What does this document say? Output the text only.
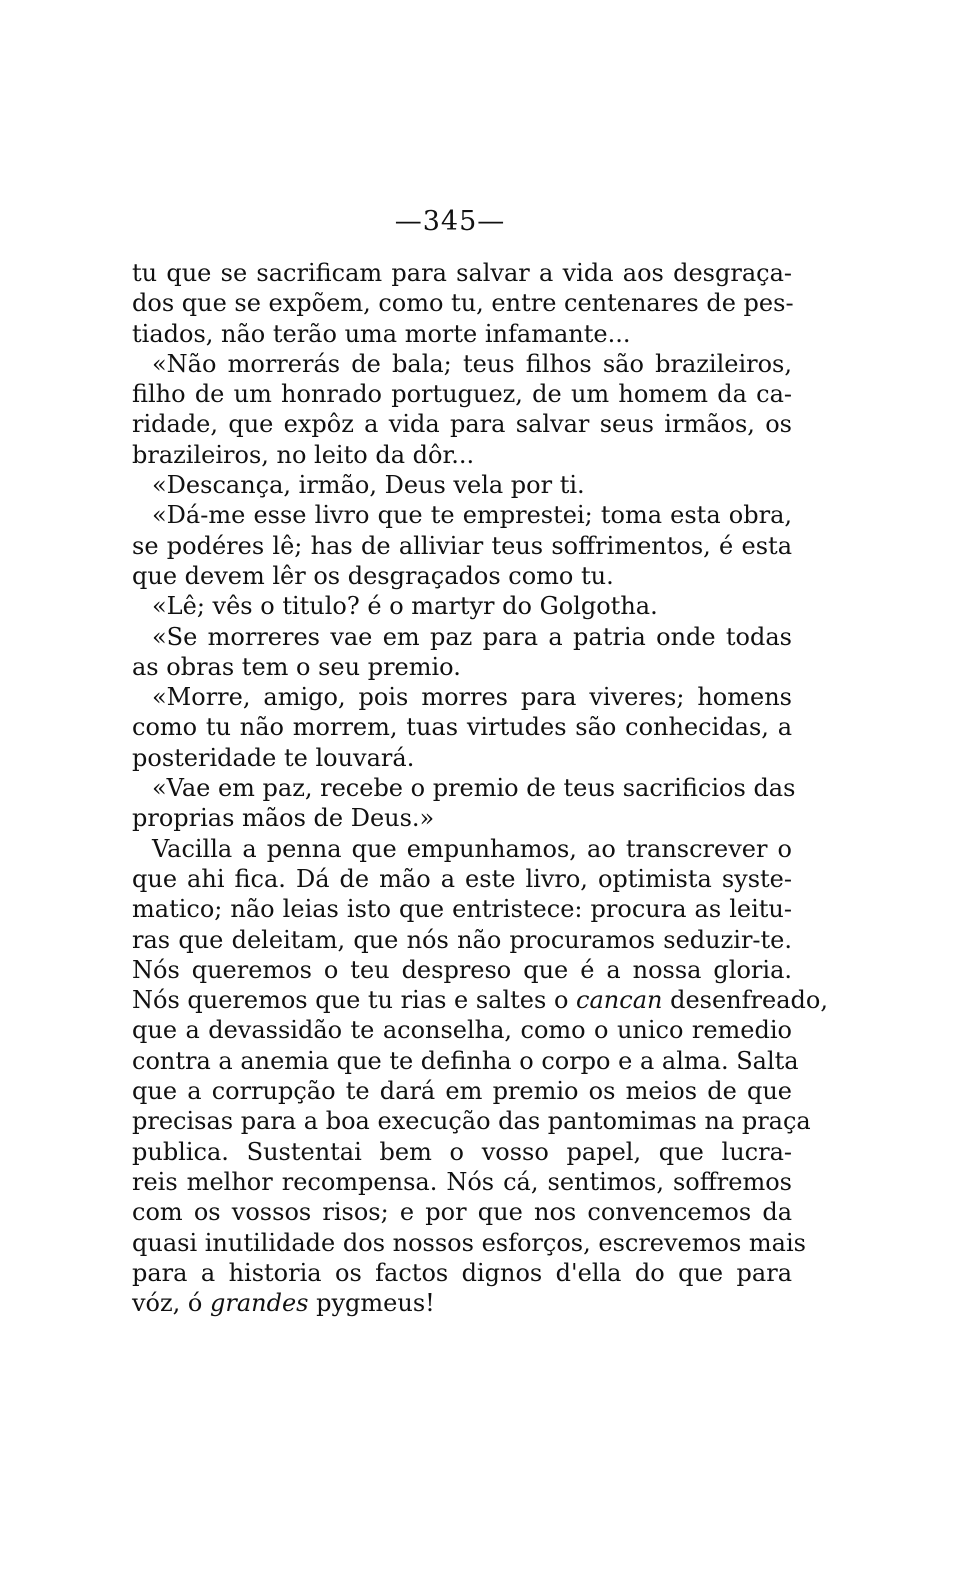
—345—
tu que se sacrificam para salvar a vida aos desgraça-
dos que se expõem, como tu, entre centenares de pes-
tiados, não terão uma morte infamante...
«Não morrerás de bala; teus filhos são brazileiros,
filho de um honrado portuguez, de um homem da ca-
ridade, que expôz a vida para salvar seus irmãos, os
brazileiros, no leito da dôr...
«Descança, irmão, Deus vela por ti.
«Dá-me esse livro que te emprestei; toma esta obra,
se podéres lê; has de alliviar teus soffrimentos, é esta
que devem lêr os desgraçados como tu.
«Lê; vês o titulo? é o martyr do Golgotha.
«Se morreres vae em paz para a patria onde todas
as obras tem o seu premio.
«Morre, amigo, pois morres para viveres; homens
como tu não morrem, tuas virtudes são conhecidas, a
posteridade te louvará.
«Vae em paz, recebe o premio de teus sacrificios das
proprias mãos de Deus.»
Vacilla a penna que empunhamos, ao transcrever o
que ahi fica. Dá de mão a este livro, optimista syste-
matico; não leias isto que entristece: procura as leitu-
ras que deleitam, que nós não procuramos seduzir-te.
Nós queremos o teu despreso que é a nossa gloria.
Nós queremos que tu rias e saltes o cancan desenfreado,
que a devassidão te aconselha, como o unico remedio
contra a anemia que te definha o corpo e a alma. Salta
que a corrupção te dará em premio os meios de que
precisas para a boa execução das pantomimas na praça
publica. Sustentai bem o vosso papel, que lucra-
reis melhor recompensa. Nós cá, sentimos, soffremos
com os vossos risos; e por que nos convencemos da
quasi inutilidade dos nossos esforços, escrevemos mais
para a historia os factos dignos d'ella do que para
vóz, ó grandes pygmeus!
